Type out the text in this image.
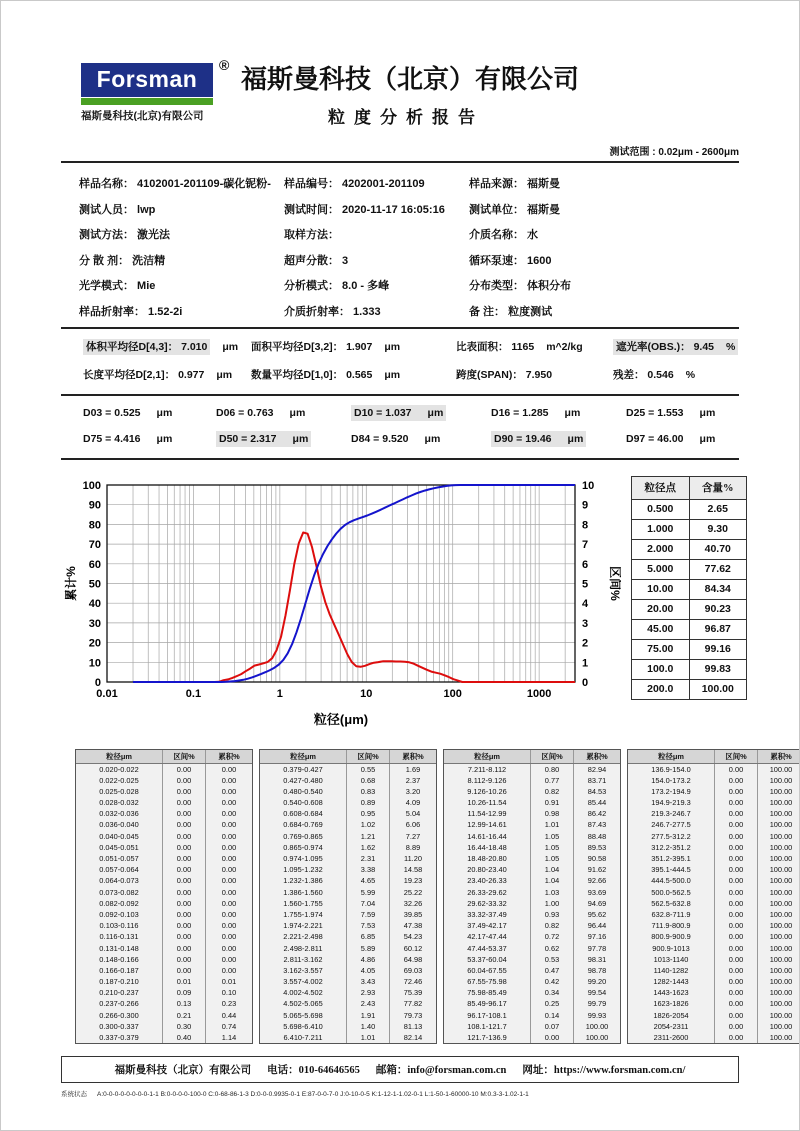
Forsman
福斯曼科技(北京)有限公司
® 福斯曼科技（北京）有限公司
粒度分析报告
测试范围 : 0.02μm - 2600μm
样品名称： 4102001-201109-碳化铌粉-	样品编号： 4202001-201109	样品来源： 福斯曼
测试人员： lwp	测试时间： 2020-11-17 16:05:16	测试单位： 福斯曼
测试方法： 激光法	取样方法：	介质名称： 水
分 散 剂： 洗洁精	超声分散： 3	循环泵速： 1600
光学模式： Mie	分析模式： 8.0 - 多峰	分布类型： 体积分布
样品折射率： 1.52-2i	介质折射率： 1.333	备 注： 粒度测试
体积平均径D[4,3]： 7.010 μm	面积平均径D[3,2]： 1.907 μm	比表面积： 1165 m^2/kg	遮光率(OBS.)： 9.45 %
长度平均径D[2,1]： 0.977 μm	数量平均径D[1,0]： 0.565 μm	跨度(SPAN)： 7.950	残差： 0.546 %
D03 = 0.525 μm	D06 = 0.763 μm	D10 = 1.037 μm	D16 = 1.285 μm	D25 = 1.553 μm
D75 = 4.416 μm	D50 = 2.317 μm	D84 = 9.520 μm	D90 = 19.46 μm	D97 = 46.00 μm
0.01	0.1	1	10	100	1000
0
10
20
30
40
50
60
70
80
90
100
0
1
2
3
4
5
6
7
8
9
10
粒径(μm)
累计%	区间%
粒径点	含量%
0.500	2.65
1.000	9.30
2.000	40.70
5.000	77.62
10.00	84.34
20.00	90.23
45.00	96.87
75.00	99.16
100.0	99.83
200.0	100.00
粒径μm	区间%	累积%
0.020-0.022	0.00	0.00
0.022-0.025	0.00	0.00
0.025-0.028	0.00	0.00
0.028-0.032	0.00	0.00
0.032-0.036	0.00	0.00
0.036-0.040	0.00	0.00
0.040-0.045	0.00	0.00
0.045-0.051	0.00	0.00
0.051-0.057	0.00	0.00
0.057-0.064	0.00	0.00
0.064-0.073	0.00	0.00
0.073-0.082	0.00	0.00
0.082-0.092	0.00	0.00
0.092-0.103	0.00	0.00
0.103-0.116	0.00	0.00
0.116-0.131	0.00	0.00
0.131-0.148	0.00	0.00
0.148-0.166	0.00	0.00
0.166-0.187	0.00	0.00
0.187-0.210	0.01	0.01
0.210-0.237	0.09	0.10
0.237-0.266	0.13	0.23
0.266-0.300	0.21	0.44
0.300-0.337	0.30	0.74
0.337-0.379	0.40	1.14
粒径μm	区间%	累积%
0.379-0.427	0.55	1.69
0.427-0.480	0.68	2.37
0.480-0.540	0.83	3.20
0.540-0.608	0.89	4.09
0.608-0.684	0.95	5.04
0.684-0.769	1.02	6.06
0.769-0.865	1.21	7.27
0.865-0.974	1.62	8.89
0.974-1.095	2.31	11.20
1.095-1.232	3.38	14.58
1.232-1.386	4.65	19.23
1.386-1.560	5.99	25.22
1.560-1.755	7.04	32.26
1.755-1.974	7.59	39.85
1.974-2.221	7.53	47.38
2.221-2.498	6.85	54.23
2.498-2.811	5.89	60.12
2.811-3.162	4.86	64.98
3.162-3.557	4.05	69.03
3.557-4.002	3.43	72.46
4.002-4.502	2.93	75.39
4.502-5.065	2.43	77.82
5.065-5.698	1.91	79.73
5.698-6.410	1.40	81.13
6.410-7.211	1.01	82.14
粒径μm	区间%	累积%
7.211-8.112	0.80	82.94
8.112-9.126	0.77	83.71
9.126-10.26	0.82	84.53
10.26-11.54	0.91	85.44
11.54-12.99	0.98	86.42
12.99-14.61	1.01	87.43
14.61-16.44	1.05	88.48
16.44-18.48	1.05	89.53
18.48-20.80	1.05	90.58
20.80-23.40	1.04	91.62
23.40-26.33	1.04	92.66
26.33-29.62	1.03	93.69
29.62-33.32	1.00	94.69
33.32-37.49	0.93	95.62
37.49-42.17	0.82	96.44
42.17-47.44	0.72	97.16
47.44-53.37	0.62	97.78
53.37-60.04	0.53	98.31
60.04-67.55	0.47	98.78
67.55-75.98	0.42	99.20
75.98-85.49	0.34	99.54
85.49-96.17	0.25	99.79
96.17-108.1	0.14	99.93
108.1-121.7	0.07	100.00
121.7-136.9	0.00	100.00
粒径μm	区间%	累积%
136.9-154.0	0.00	100.00
154.0-173.2	0.00	100.00
173.2-194.9	0.00	100.00
194.9-219.3	0.00	100.00
219.3-246.7	0.00	100.00
246.7-277.5	0.00	100.00
277.5-312.2	0.00	100.00
312.2-351.2	0.00	100.00
351.2-395.1	0.00	100.00
395.1-444.5	0.00	100.00
444.5-500.0	0.00	100.00
500.0-562.5	0.00	100.00
562.5-632.8	0.00	100.00
632.8-711.9	0.00	100.00
711.9-800.9	0.00	100.00
800.9-900.9	0.00	100.00
900.9-1013	0.00	100.00
1013-1140	0.00	100.00
1140-1282	0.00	100.00
1282-1443	0.00	100.00
1443-1623	0.00	100.00
1623-1826	0.00	100.00
1826-2054	0.00	100.00
2054-2311	0.00	100.00
2311-2600	0.00	100.00
福斯曼科技（北京）有限公司 电话：010-64646565 邮箱：info@forsman.com.cn 网址：https://www.forsman.com.cn/
系统状态 A:0-0-0-0-0-0-0-0-1-1 B:0-0-0-0-100-0 C:0-68-86-1-3 D:0-0-0.9935-0-1 E:87-0-0-7-0 J:0-10-0-5 K:1-12-1-1.02-0-1 L:1-50-1-60000-10 M:0.3-3-1.02-1-1
